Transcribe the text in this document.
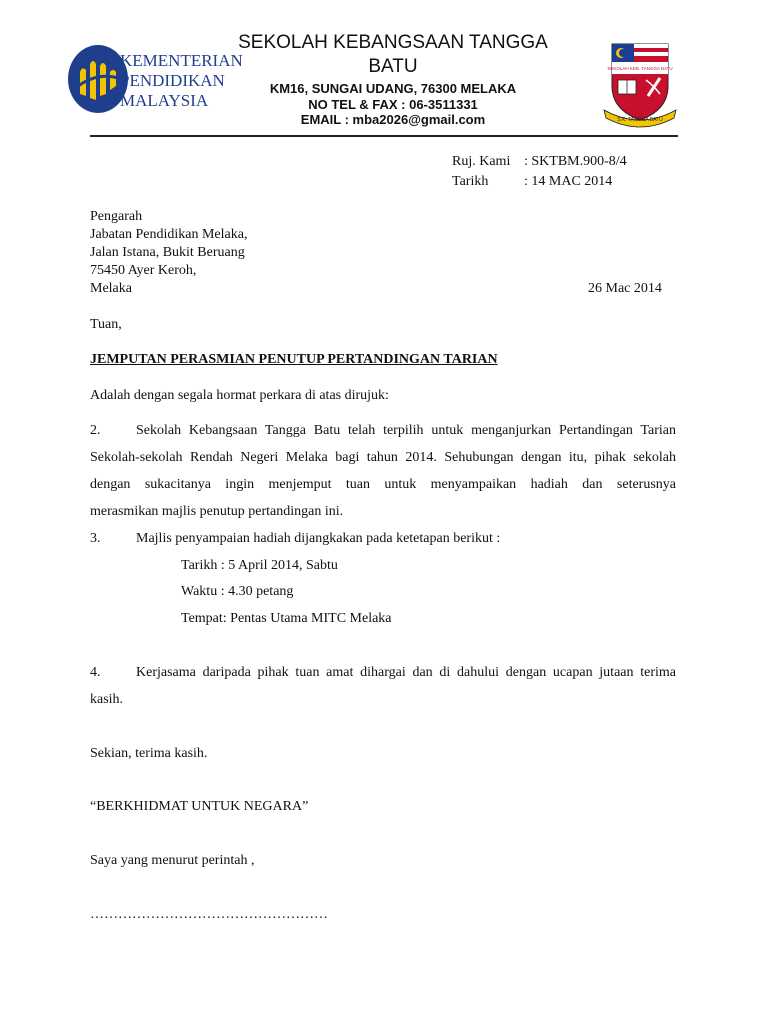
KEMENTERIAN
PENDIDIKAN
MALAYSIA
SEKOLAH KEBANGSAAN TANGGA
BATU
KM16, SUNGAI UDANG, 76300 MELAKA
NO TEL & FAX : 06-3511331
EMAIL : mba2026@gmail.com
SEKOLAH KEB. TANGGA BATU
S.K. TANGGA BATU
Ruj. Kami : SKTBM.900-8/4
Tarikh	: 14 MAC 2014
Pengarah
Jabatan Pendidikan Melaka,
Jalan Istana, Bukit Beruang
75450 Ayer Keroh,
Melaka	26 Mac 2014
Tuan,
JEMPUTAN PERASMIAN PENUTUP PERTANDINGAN TARIAN
Adalah dengan segala hormat perkara di atas dirujuk:
2.	Sekolah Kebangsaan Tangga Batu telah terpilih untuk menganjurkan Pertandingan Tarian
Sekolah-sekolah Rendah Negeri Melaka bagi tahun 2014. Sehubungan dengan itu, pihak sekolah
dengan sukacitanya ingin menjemput tuan untuk menyampaikan hadiah dan seterusnya
merasmikan majlis penutup pertandingan ini.
3.	Majlis penyampaian hadiah dijangkakan pada ketetapan berikut :
Tarikh : 5 April 2014, Sabtu
Waktu : 4.30 petang
Tempat: Pentas Utama MITC Melaka
4.	Kerjasama daripada pihak tuan amat dihargai dan di dahului dengan ucapan jutaan terima
kasih.
Sekian, terima kasih.
“BERKHIDMAT UNTUK NEGARA”
Saya yang menurut perintah ,
……………………………………………
